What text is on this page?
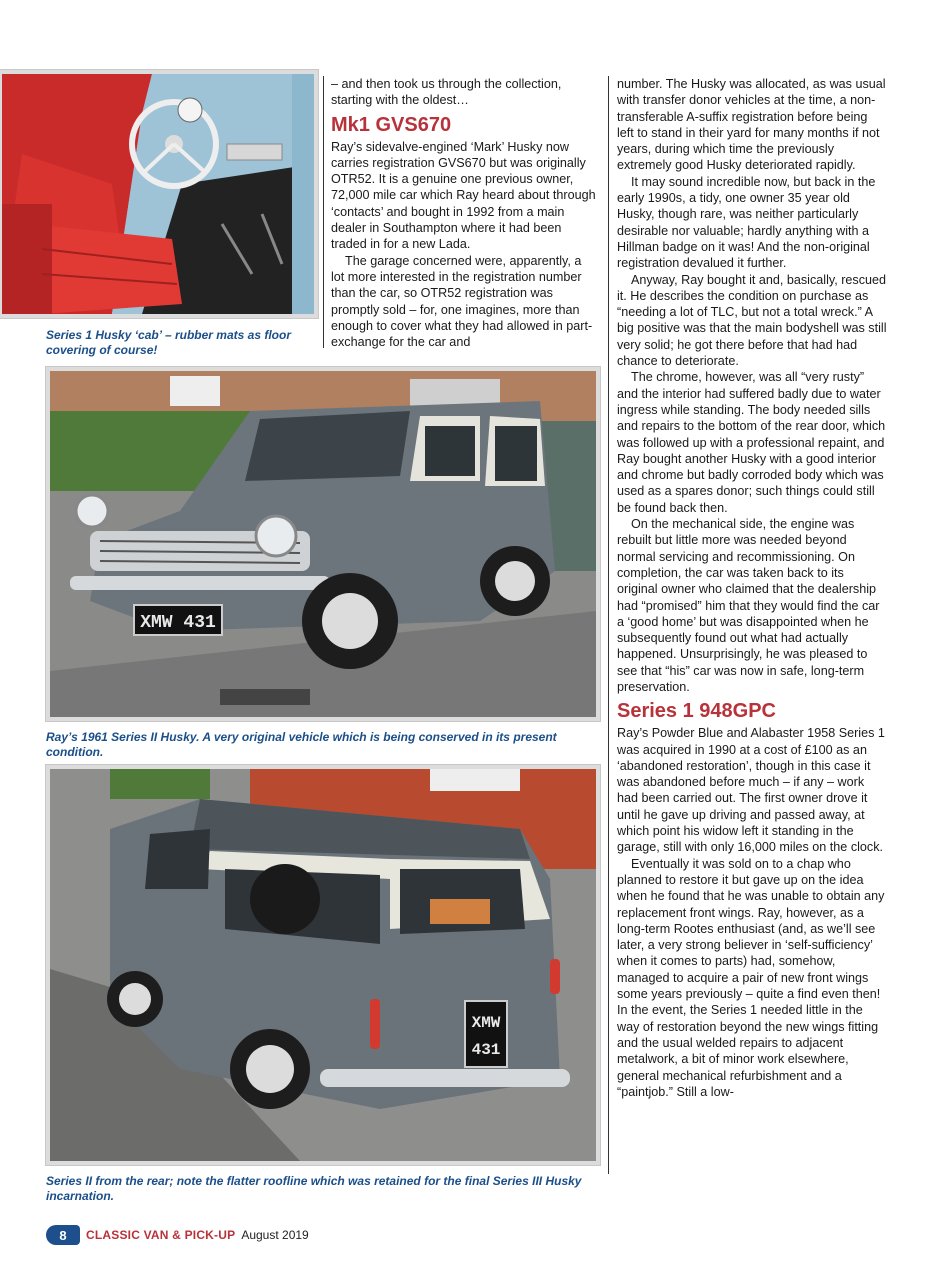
Series 1 Husky ‘cab’ – rubber mats as floor covering of course!

– and then took us through the collection, starting with the oldest…

Mk1 GVS670

Ray’s sidevalve-engined ‘Mark’ Husky now carries registration GVS670 but was originally OTR52. It is a genuine one previous owner, 72,000 mile car which Ray heard about through ‘contacts’ and bought in 1992 from a main dealer in Southampton where it had been traded in for a new Lada.

The garage concerned were, apparently, a lot more interested in the registration number than the car, so OTR52 registration was promptly sold – for, one imagines, more than enough to cover what they had allowed in part-exchange for the car and

XMW 431
Ray’s 1961 Series II Husky. A very original vehicle which is being conserved in its present condition.
XMW
431
Series II from the rear; note the flatter roofline which was retained for the final Series III Husky incarnation.

number. The Husky was allocated, as was usual with transfer donor vehicles at the time, a non-transferable A-suffix registration before being left to stand in their yard for many months if not years, during which time the previously extremely good Husky deteriorated rapidly.

It may sound incredible now, but back in the early 1990s, a tidy, one owner 35 year old Husky, though rare, was neither particularly desirable nor valuable; hardly anything with a Hillman badge on it was! And the non-original registration devalued it further.

Anyway, Ray bought it and, basically, rescued it. He describes the condition on purchase as “needing a lot of TLC, but not a total wreck.” A big positive was that the main bodyshell was still very solid; he got there before that had had chance to deteriorate.

The chrome, however, was all “very rusty” and the interior had suffered badly due to water ingress while standing. The body needed sills and repairs to the bottom of the rear door, which was followed up with a professional repaint, and Ray bought another Husky with a good interior and chrome but badly corroded body which was used as a spares donor; such things could still be found back then.

On the mechanical side, the engine was rebuilt but little more was needed beyond normal servicing and recommissioning. On completion, the car was taken back to its original owner who claimed that the dealership had “promised” him that they would find the car a ‘good home’ but was disappointed when he subsequently found out what had actually happened. Unsurprisingly, he was pleased to see that “his” car was now in safe, long-term preservation.

Series 1 948GPC

Ray’s Powder Blue and Alabaster 1958 Series 1 was acquired in 1990 at a cost of £100 as an ‘abandoned restoration’, though in this case it was abandoned before much – if any – work had been carried out. The first owner drove it until he gave up driving and passed away, at which point his widow left it standing in the garage, still with only 16,000 miles on the clock.

Eventually it was sold on to a chap who planned to restore it but gave up on the idea when he found that he was unable to obtain any replacement front wings. Ray, however, as a long-term Rootes enthusiast (and, as we’ll see later, a very strong believer in ‘self-sufficiency’ when it comes to parts) had, somehow, managed to acquire a pair of new front wings some years previously – quite a find even then! In the event, the Series 1 needed little in the way of restoration beyond the new wings fitting and the usual welded repairs to adjacent metalwork, a bit of minor work elsewhere, general mechanical refurbishment and a “paintjob.” Still a low-

8	CLASSIC VAN & PICK-UP August 2019
